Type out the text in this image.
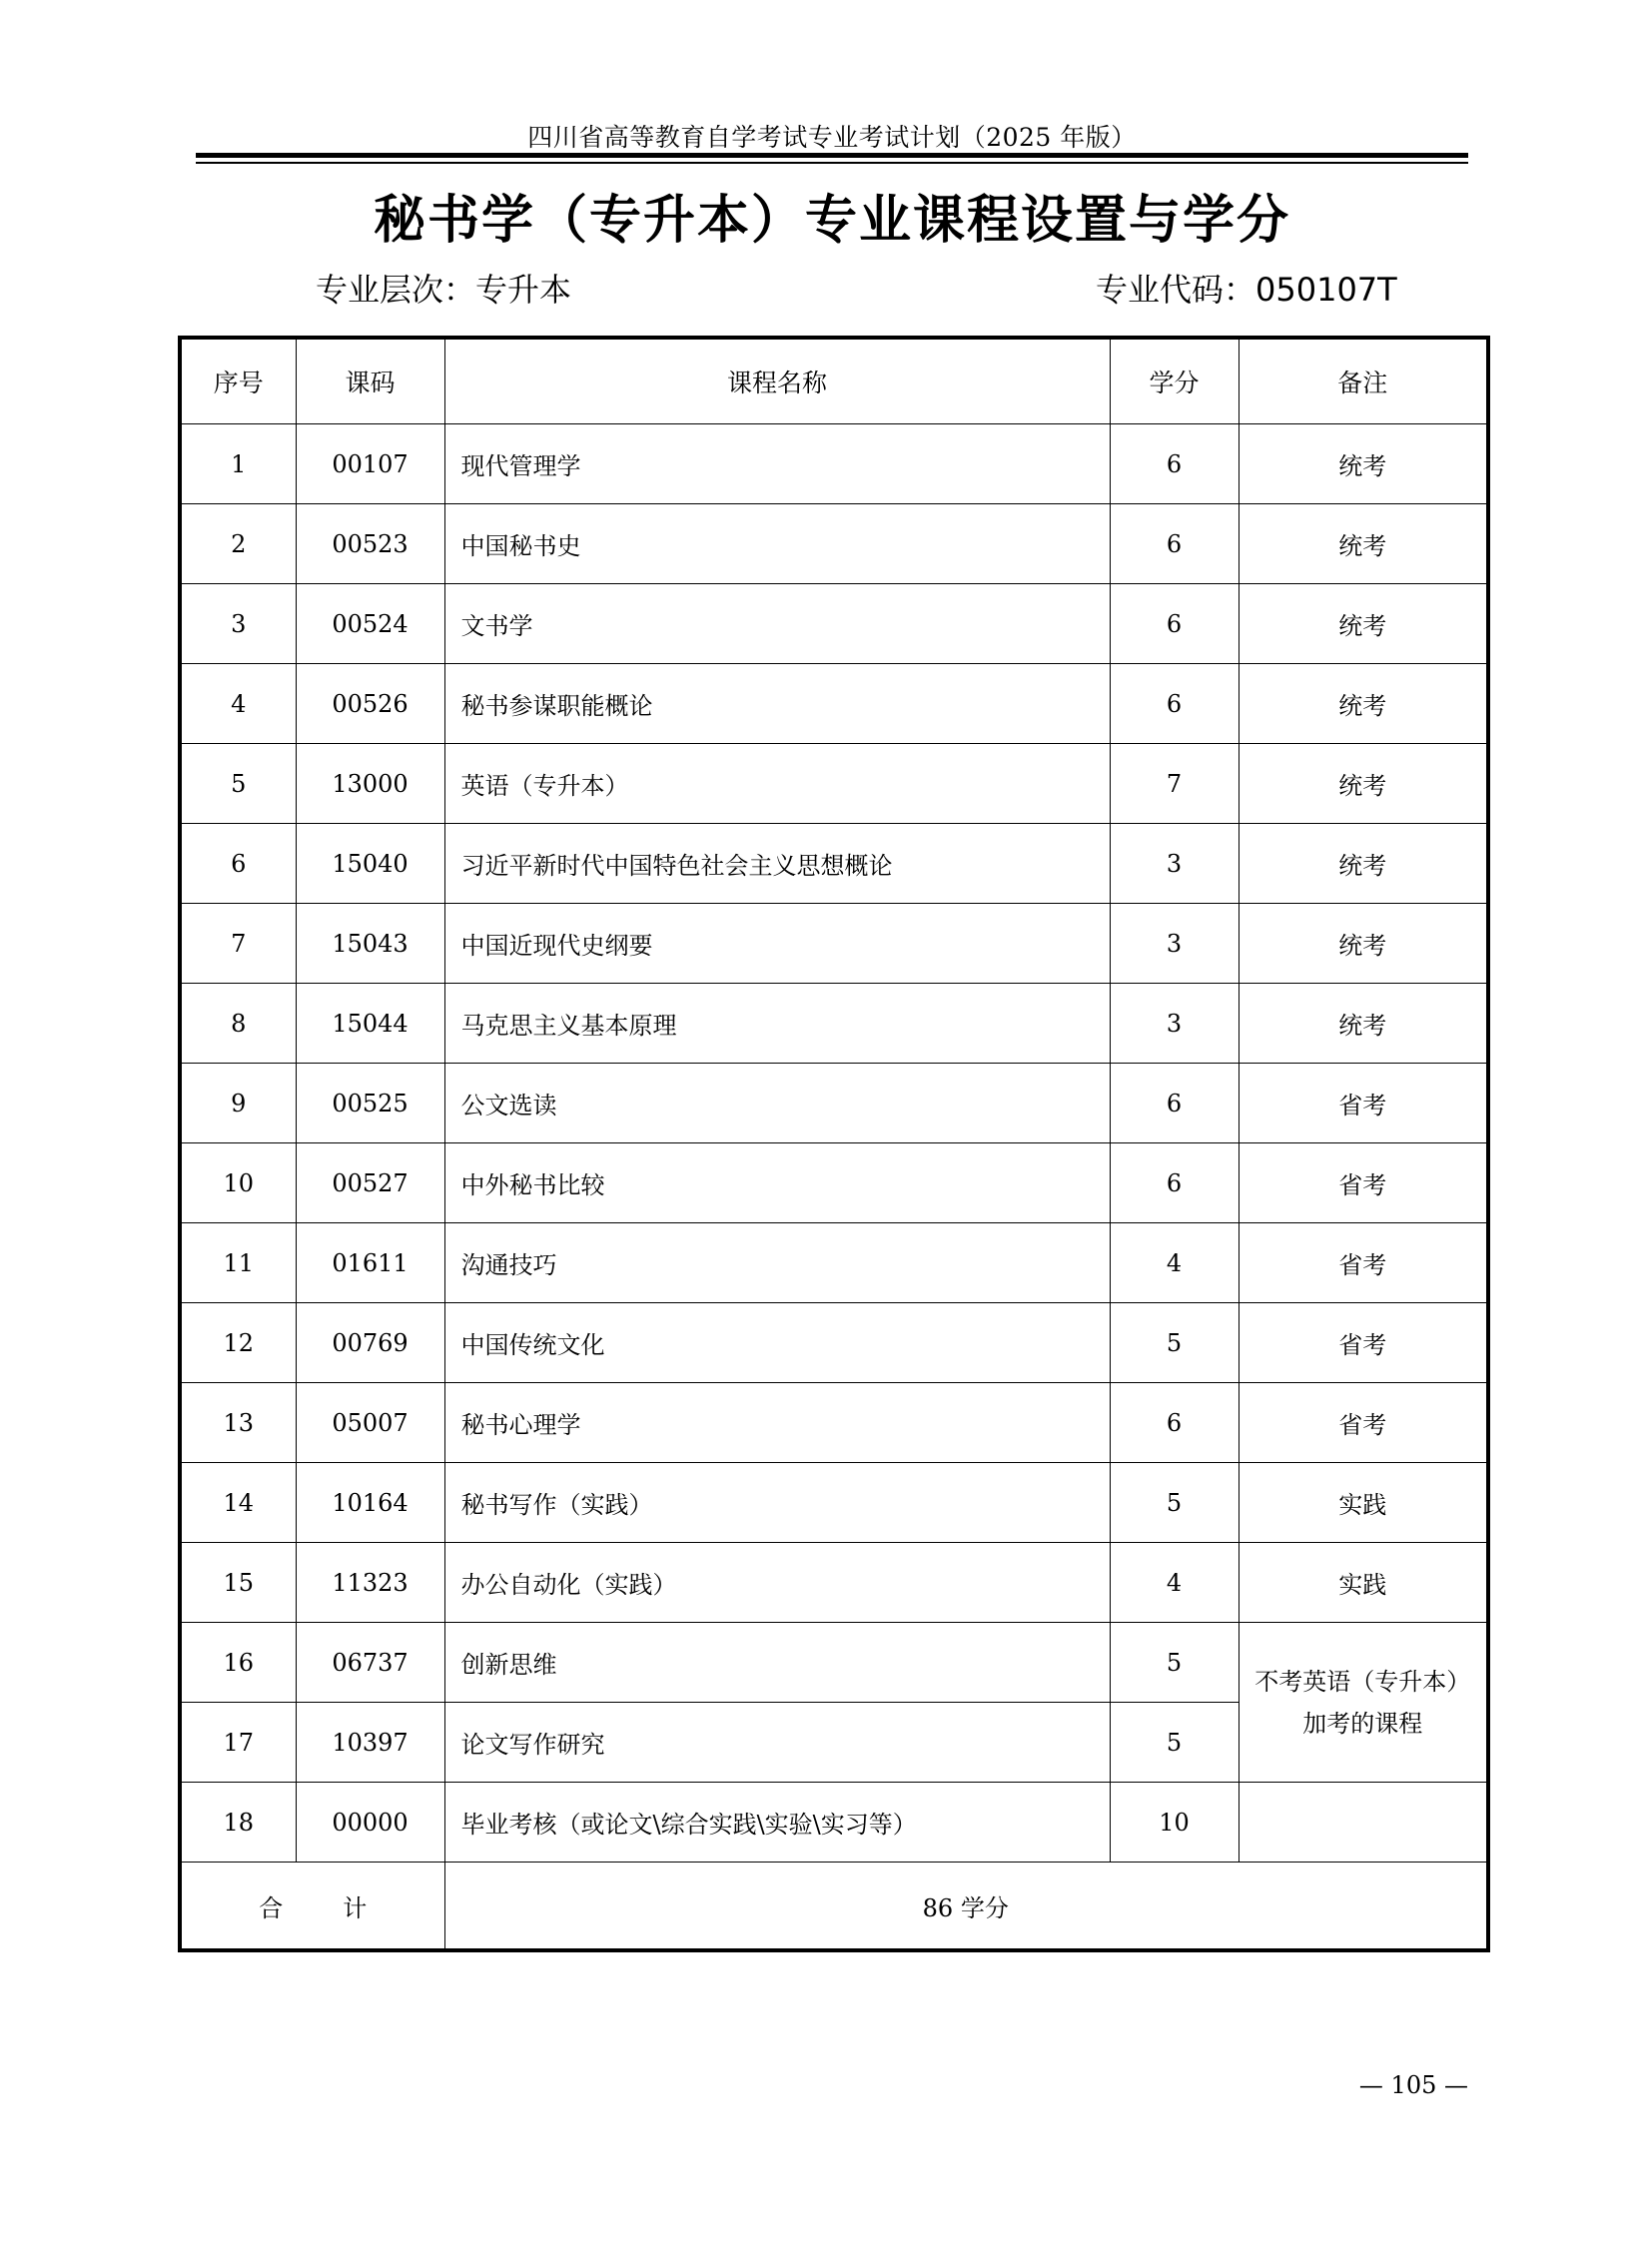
四川省高等教育自学考试专业考试计划（2025 年版）
秘书学（专升本）专业课程设置与学分
专业层次：专升本	专业代码：050107T
序号	课码	课程名称	学分	备注
1	00107	现代管理学	6	统考
2	00523	中国秘书史	6	统考
3	00524	文书学	6	统考
4	00526	秘书参谋职能概论	6	统考
5	13000	英语（专升本）	7	统考
6	15040	习近平新时代中国特色社会主义思想概论	3	统考
7	15043	中国近现代史纲要	3	统考
8	15044	马克思主义基本原理	3	统考
9	00525	公文选读	6	省考
10	00527	中外秘书比较	6	省考
11	01611	沟通技巧	4	省考
12	00769	中国传统文化	5	省考
13	05007	秘书心理学	6	省考
14	10164	秘书写作（实践）	5	实践
15	11323	办公自动化（实践）	4	实践
16	06737	创新思维	5	不考英语（专升本）
加考的课程

17	10397	论文写作研究	5	
18	00000	毕业考核（或论文\综合实践\实验\实习等）	10	
合计		86 学分		
— 105 —
